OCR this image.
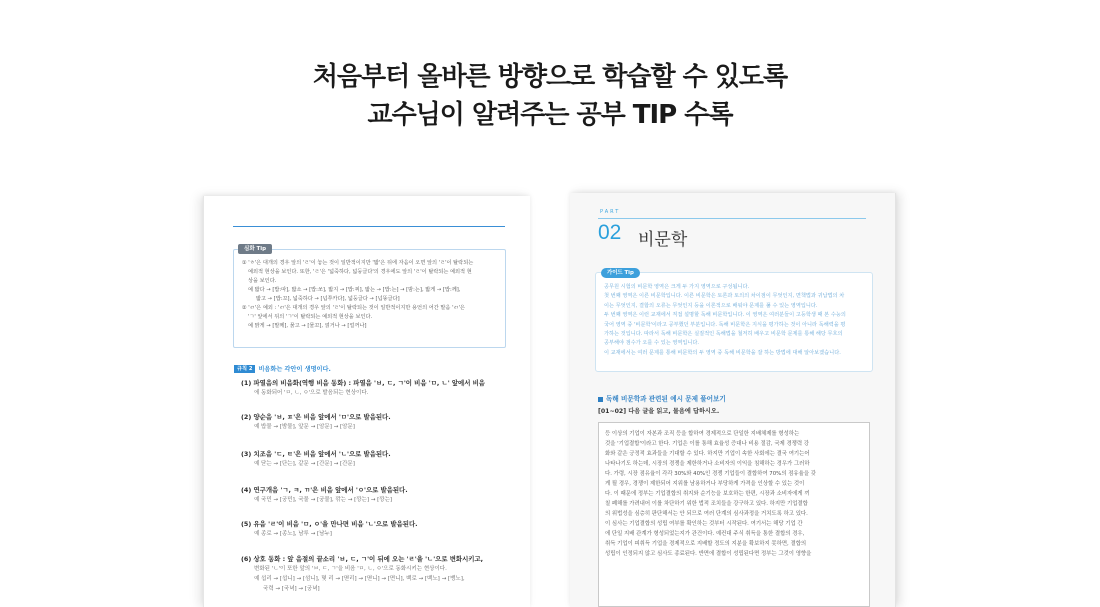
처음부터 올바른 방향으로 학습할 수 있도록
교수님이 알려주는 공부 TIP 수록
심화 Tip
① 'ㅎ'은 대개의 경우 앞의 'ㄹ'이 놓는 것이 일반적이지만 '밟'은 뒤에 자음이 오면 앞의 'ㄹ'이 탈락되는
예외적 현상을 보인다. 또한, 'ㄹ'은 '넓죽하다, 넓둥글다'의 경우에도 앞의 'ㄹ'이 탈락되는 예외적 현
상을 보인다.
예 밟다 → [밥:따], 밟소 → [밥:쏘], 밟지 → [밥:찌], 밟는 → [밥:는] → [밤:는], 밟게 → [밥:께],
밟고 → [밥:꼬], 넓죽하다 → [넙쭈카다], 넓둥글다 → [넙뚱글다]
② 'ㄺ'은 예외 : 'ㄺ'은 대개의 경우 앞의 'ㄹ'이 탈락되는 것이 일반적이지만 용언의 어간 말음 'ㄺ'은
'ㄱ' 앞에서 뒤의 'ㄱ'이 탈락되는 예외적 현상을 보인다.
예 맑게 → [말께], 묽고 → [물꼬], 얽거나 → [얼꺼나]
규칙 2 비음화는 각안이 생명이다.
(1) 파열음의 비음화(역행 비음 동화) : 파열음 'ㅂ, ㄷ, ㄱ'이 비음 'ㅁ, ㄴ' 앞에서 비음
에 동화되어 'ㅁ, ㄴ, ㅇ'으로 발음되는 현상이다.
(2) 양순음 'ㅂ, ㅍ'은 비음 앞에서 'ㅁ'으로 발음된다.
예 밥물 → [밤물], 앞문 → [암문] → [암문]
(3) 치조음 'ㄷ, ㅌ'은 비음 앞에서 'ㄴ'으로 발음된다.
예 닫는 → [단는], 같문 → [간문] → [간문]
(4) 연구개음 'ㄱ, ㅋ, ㄲ'은 비음 앞에서 'ㅇ'으로 발음된다.
예 국민 → [궁민], 국물 → [궁물], 깎는 → [깡는] → [깡는]
(5) 유음 'ㄹ'이 비음 'ㅁ, ㅇ'을 만나면 비음 'ㄴ'으로 발음된다.
예 종로 → [종노], 남루 → [남누]
(6) 상호 동화 : 앞 음절의 끝소리 'ㅂ, ㄷ, ㄱ'이 뒤에 오는 'ㄹ'을 'ㄴ'으로 변화시키고,
변화된 'ㄴ'이 또한 앞의 'ㅂ, ㄷ, ㄱ'을 비음 'ㅁ, ㄴ, ㅇ'으로 동화시키는 현상이다.
예 섭리 → [섭니] → [섬니], 몇 리 → [멷리] → [멷니] → [면니], 백로 → [백노] → [뱅노],
국력 → [국녁] → [궁녁]
PART
02 비문학
가이드 Tip
공무원 시험의 비문학 영역은 크게 두 가지 영역으로 구성됩니다.
첫 번째 영역은 이른 비문학입니다. 이른 비문학은 토론과 토의의 차이점이 무엇인지, 면책법과 귀납법의 차
이는 무엇인지, 결합의 오류는 무엇인지 등을 이론적으로 배워야 문제를 풀 수 있는 영역입니다.
두 번째 영역은 이런 교재에서 직접 설명할 독해 비문학입니다. 이 영역은 여러분들이 고등학생 때 본 수능의
국어 영역 중 '비문학'이라고 공부했던 부분입니다. 독해 비문학은 지식을 평가하는 것이 아니라 독해력을 평
가하는 것입니다. 따라서 독해 비문학은 실질적인 독해법을 철저히 배우고 비문학 문제를 통해 해당 무흐의
공부해야 점수가 오를 수 있는 영역입니다.
이 교재에서는 여러 문제를 통해 비문학의 두 영역 중 독해 비문학을 잘 하는 방법에 대해 알아보겠습니다.
독해 비문학과 관련된 예시 문제 풀어보기
[01~02] 다음 글을 읽고, 물음에 답하시오.
등 이상의 기업이 자본과 조직 등을 합하여 경제적으로 단일한 지배체제를 형성하는
것을 '기업결합'이라고 한다. 기업은 이를 통해 효율성 증대나 비용 절감, 국제 경쟁력 강
화와 같은 긍정적 효과들을 기대할 수 있다. 하지만 기업이 속한 사회에는 결국 여기는어
나타나기도 하는데, 시장의 경쟁을 제한하거나 소비자의 이익을 침해하는 경우가 그러하
다. 가령, 시장 점유율이 각각 30%와 40%인 경쟁 기업들이 결합하여 70%의 점유율을 갖
게 될 경우, 경쟁이 제한되어 지위를 남용하거나 부당하게 가격을 인상할 수 있는 것이
다. 이 때문에 정부는 기업결합의 취지와 순기능을 보호하는 한편, 시장과 소비자에게 끼
칠 폐해를 가려내어 이를 차단하기 위한 법적 조치들을 강구하고 있다. 하지만 기업결합
의 위법성을 심층히 판단해서는 안 되므로 여러 단계의 심사과정을 거치도록 하고 있다.
이 심사는 기업결합의 성립 여부를 확인하는 것부터 시작된다. 여기서는 해당 기업 간
에 단일 지배 관계가 형성되었는지가 관건이다. 예컨대 주식 취득을 통한 결합의 경우,
취득 기업이 피취득 기업을 경제적으로 지배할 정도의 지분을 확보하지 못하면, 결합의
성립이 인정되지 않고 심사도 종료된다. 반면에 결합이 성립된다면 정부는 그것이 영향을
